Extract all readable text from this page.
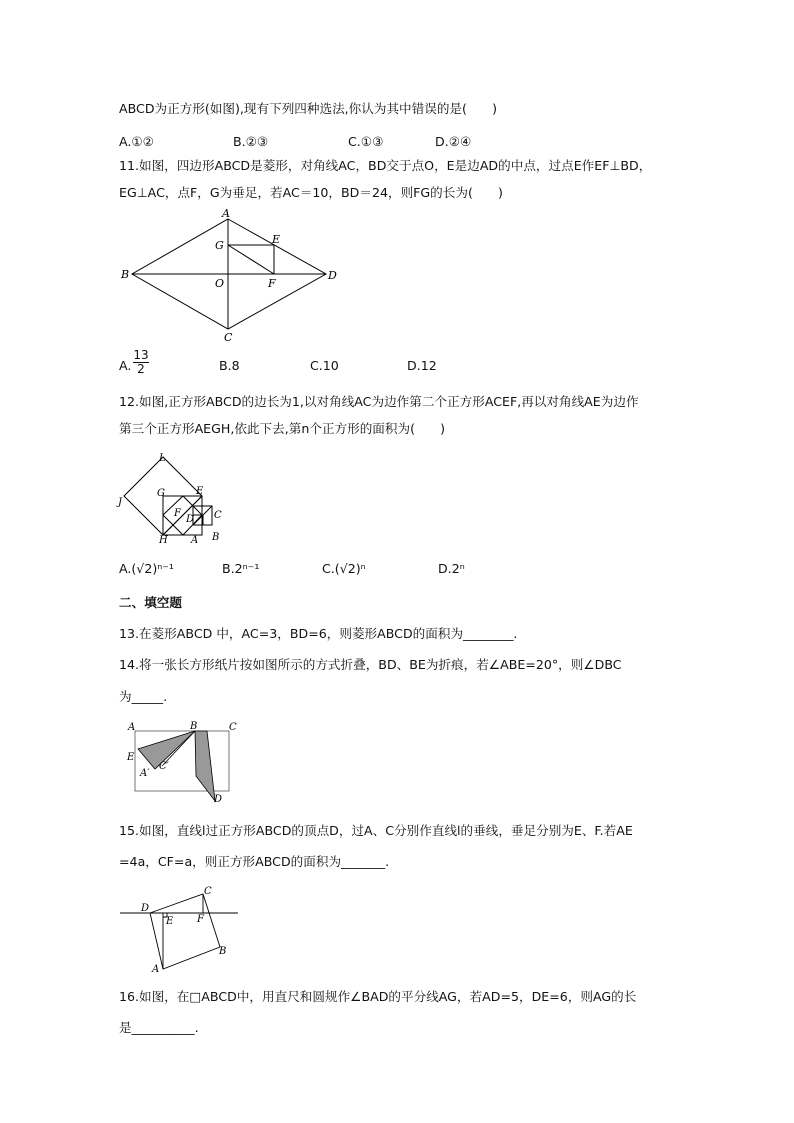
ABCD为正方形(如图),现有下列四种选法,你认为其中错误的是(　　)
A.①②	B.②③	C.①③	D.②④
11.如图，四边形ABCD是菱形，对角线AC，BD交于点O，E是边AD的中点，过点E作EF⊥BD，
EG⊥AC，点F，G为垂足，若AC＝10，BD＝24，则FG的长为(　　)
A
B
C
D
E
F
G
O
A. $\frac{13}{2}$	B.8	C.10	D.12
12.如图,正方形ABCD的边长为1,以对角线AC为边作第二个正方形ACEF,再以对角线AE为边作
第三个正方形AEGH,依此下去,第n个正方形的面积为(　　)
L
J
G	E
F
D C
H A B
A.(√2)ⁿ⁻¹	B.2ⁿ⁻¹	C.(√2)ⁿ	D.2ⁿ
二、填空题
13.在菱形ABCD 中，AC=3，BD=6，则菱形ABCD的面积为________.
14.将一张长方形纸片按如图所示的方式折叠，BD、BE为折痕，若∠ABE=20°，则∠DBC
为_____.
A	B	C
E
A′
C′
D
15.如图，直线l过正方形ABCD的顶点D，过A、C分别作直线l的垂线，垂足分别为E、F.若AE
=4a，CF=a，则正方形ABCD的面积为_______.
D
E F
C
B
A
16.如图，在□ABCD中，用直尺和圆规作∠BAD的平分线AG，若AD=5，DE=6，则AG的长
是__________.
